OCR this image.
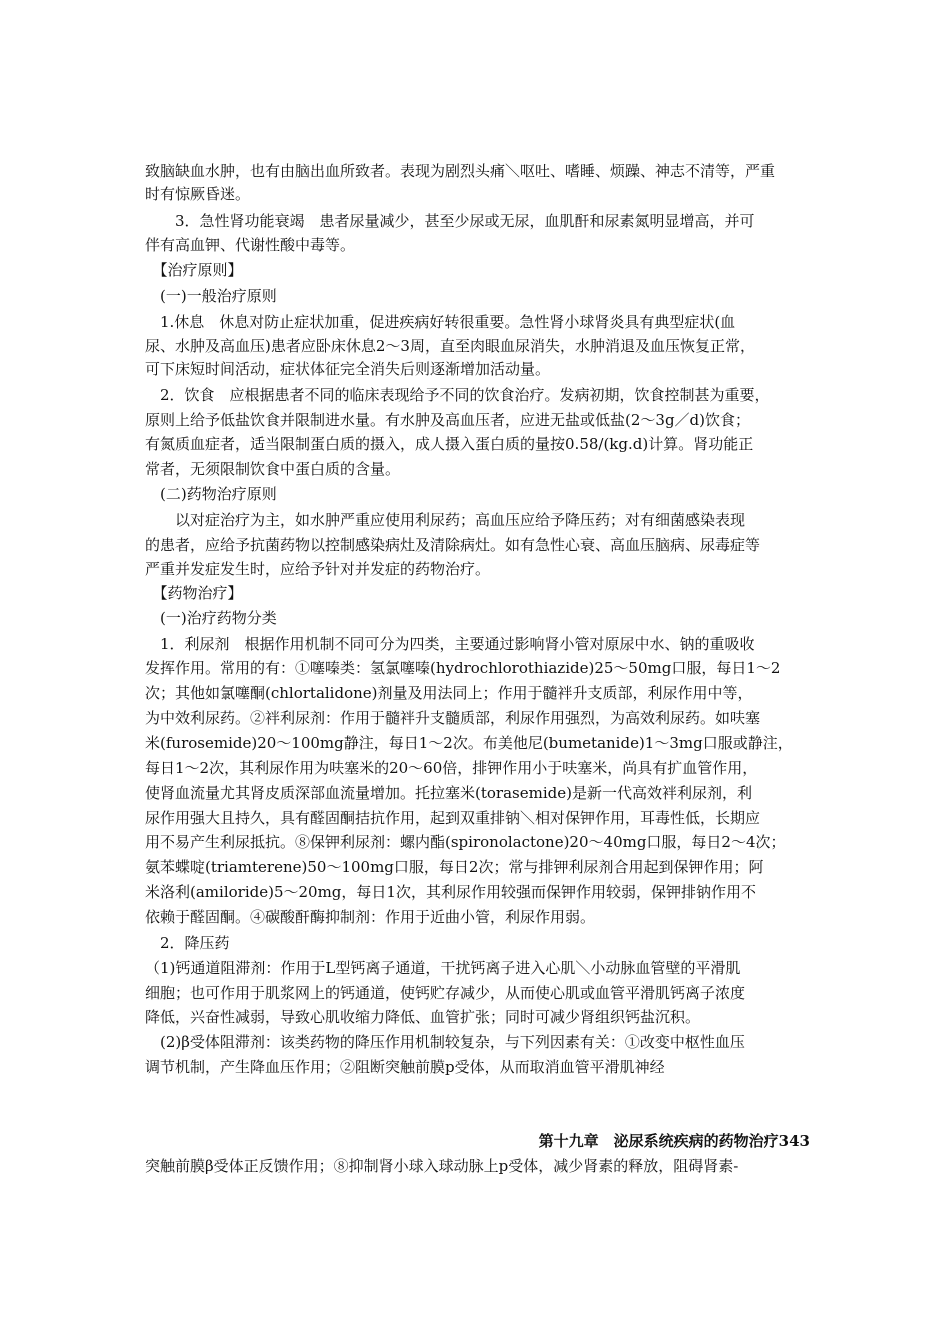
致脑缺血水肿，也有由脑出血所致者。表现为剧烈头痛＼呕吐、嗜睡、烦躁、神志不清等，严重
时有惊厥昏迷。
　　3．急性肾功能衰竭　患者尿量减少，甚至少尿或无尿，血肌酐和尿素氮明显增高，并可
伴有高血钾、代谢性酸中毒等。
　【治疗原则】
　(一)一般治疗原则
　1.休息　休息对防止症状加重，促进疾病好转很重要。急性肾小球肾炎具有典型症状(血
尿、水肿及高血压)患者应卧床休息2～3周，直至肉眼血尿消失，水肿消退及血压恢复正常，
可下床短时间活动，症状体征完全消失后则逐渐增加活动量。
　2．饮食　应根据患者不同的临床表现给予不同的饮食治疗。发病初期，饮食控制甚为重要，
原则上给予低盐饮食并限制进水量。有水肿及高血压者，应进无盐或低盐(2～3g／d)饮食；
有氮质血症者，适当限制蛋白质的摄入，成人摄入蛋白质的量按0.58/(kg.d)计算。肾功能正
常者，无须限制饮食中蛋白质的含量。
　(二)药物治疗原则
　　以对症治疗为主，如水肿严重应使用利尿药；高血压应给予降压药；对有细菌感染表现
的患者，应给予抗菌药物以控制感染病灶及清除病灶。如有急性心衰、高血压脑病、尿毒症等
严重并发症发生时，应给予针对并发症的药物治疗。
　【药物治疗】
　(一)治疗药物分类
　1．利尿剂　根据作用机制不同可分为四类，主要通过影响肾小管对原尿中水、钠的重吸收
发挥作用。常用的有：①噻嗪类：氢氯噻嗪(hydrochlorothiazide)25～50mg口服，每日1～2
次；其他如氯噻酮(chlortalidone)剂量及用法同上；作用于髓袢升支质部，利尿作用中等，
为中效利尿药。②袢利尿剂：作用于髓袢升支髓质部，利尿作用强烈，为高效利尿药。如呋塞
米(furosemide)20～100mg静注，每日1～2次。布美他尼(bumetanide)1～3mg口服或静注，
每日1～2次，其利尿作用为呋塞米的20～60倍，排钾作用小于呋塞米，尚具有扩血管作用，
使肾血流量尤其肾皮质深部血流量增加。托拉塞米(torasemide)是新一代高效袢利尿剂，利
尿作用强大且持久，具有醛固酮拮抗作用，起到双重排钠＼相对保钾作用，耳毒性低，长期应
用不易产生利尿抵抗。⑧保钾利尿剂：螺内酯(spironolactone)20～40mg口服，每日2～4次；
氨苯蝶啶(triamterene)50～100mg口服，每日2次；常与排钾利尿剂合用起到保钾作用；阿
米洛利(amiloride)5～20mg，每日1次，其利尿作用较强而保钾作用较弱，保钾排钠作用不
依赖于醛固酮。④碳酸酐酶抑制剂：作用于近曲小管，利尿作用弱。
　2．降压药
（1)钙通道阻滞剂：作用于L型钙离子通道，干扰钙离子进入心肌＼小动脉血管壁的平滑肌
细胞；也可作用于肌浆网上的钙通道，使钙贮存减少，从而使心肌或血管平滑肌钙离子浓度
降低，兴奋性减弱，导致心肌收缩力降低、血管扩张；同时可减少肾组织钙盐沉积。
　(2)β受体阻滞剂：该类药物的降压作用机制较复杂，与下列因素有关：①改变中枢性血压
调节机制，产生降血压作用；②阻断突触前膜p受体，从而取消血管平滑肌神经
第十九章　泌尿系统疾病的药物治疗343
突触前膜β受体正反馈作用；⑧抑制肾小球入球动脉上p受体，减少肾素的释放，阻碍肾素-
